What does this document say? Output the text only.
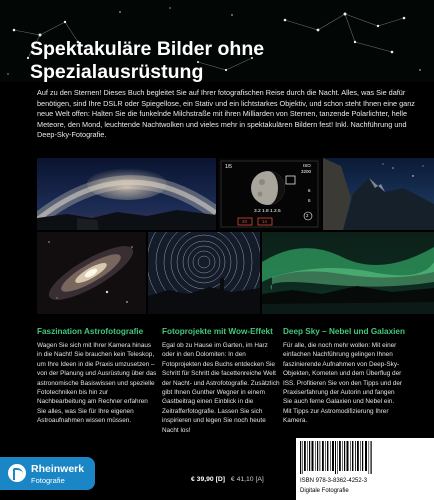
Spektakuläre Bilder ohne Spezialausrüstung
Auf zu den Sternen! Dieses Buch begleitet Sie auf Ihrer fotografischen Reise durch die Nacht. Alles, was Sie dafür benötigen, sind Ihre DSLR oder Spiegellose, ein Stativ und ein lichtstarkes Objektiv, und schon steht Ihnen eine ganz neue Welt offen: Halten Sie die funkelnde Milchstraße mit ihren Milliarden von Sternen, tanzende Polarlichter, helle Meteore, den Mond, leuchtende Nachtwolken und vieles mehr in spektakulären Bildern fest! Inkl. Nachführung und Deep-Sky-Fotografie.
1/5	ISO
3200
6
6
3.2 1.8 1.2.5
20	14
2
Faszination Astrofotografie
Wagen Sie sich mit Ihrer Kamera hinaus in die Nacht! Sie brauchen kein Teleskop, um Ihre Ideen in die Praxis umzusetzen – von der Planung und Ausrüstung über das astronomische Basiswissen und spezielle Fototechniken bis hin zur Nachbearbeitung am Rechner erfahren Sie alles, was Sie für Ihre eigenen Astroaufnahmen wissen müssen.
Fotoprojekte mit Wow-Effekt
Egal ob zu Hause im Garten, im Harz oder in den Dolomiten: In den Fotoprojekten des Buchs entdecken Sie Schritt für Schritt die facettenreiche Welt der Nacht- und Astrofotografie. Zusätzlich gibt Ihnen Gunther Wegner in einem Gastbeitrag einen Einblick in die Zeitrafferfotografie. Lassen Sie sich inspirieren und legen Sie noch heute Nacht los!
Deep Sky – Nebel und Galaxien
Für alle, die noch mehr wollen: Mit einer einfachen Nachführung gelingen Ihnen faszinierende Aufnahmen von Deep-Sky-Objekten, Kometen und dem Überflug der ISS. Profitieren Sie von den Tipps und der Praxiserfahrung der Autorin und fangen Sie auch ferne Galaxien und Nebel ein. Mit Tipps zur Astromodifizierung Ihrer Kamera.
Rheinwerk
Fotografie	€ 39,90 [D] € 41,10 [A]	ISBN 978-3-8362-4252-3
Digitale Fotografie
